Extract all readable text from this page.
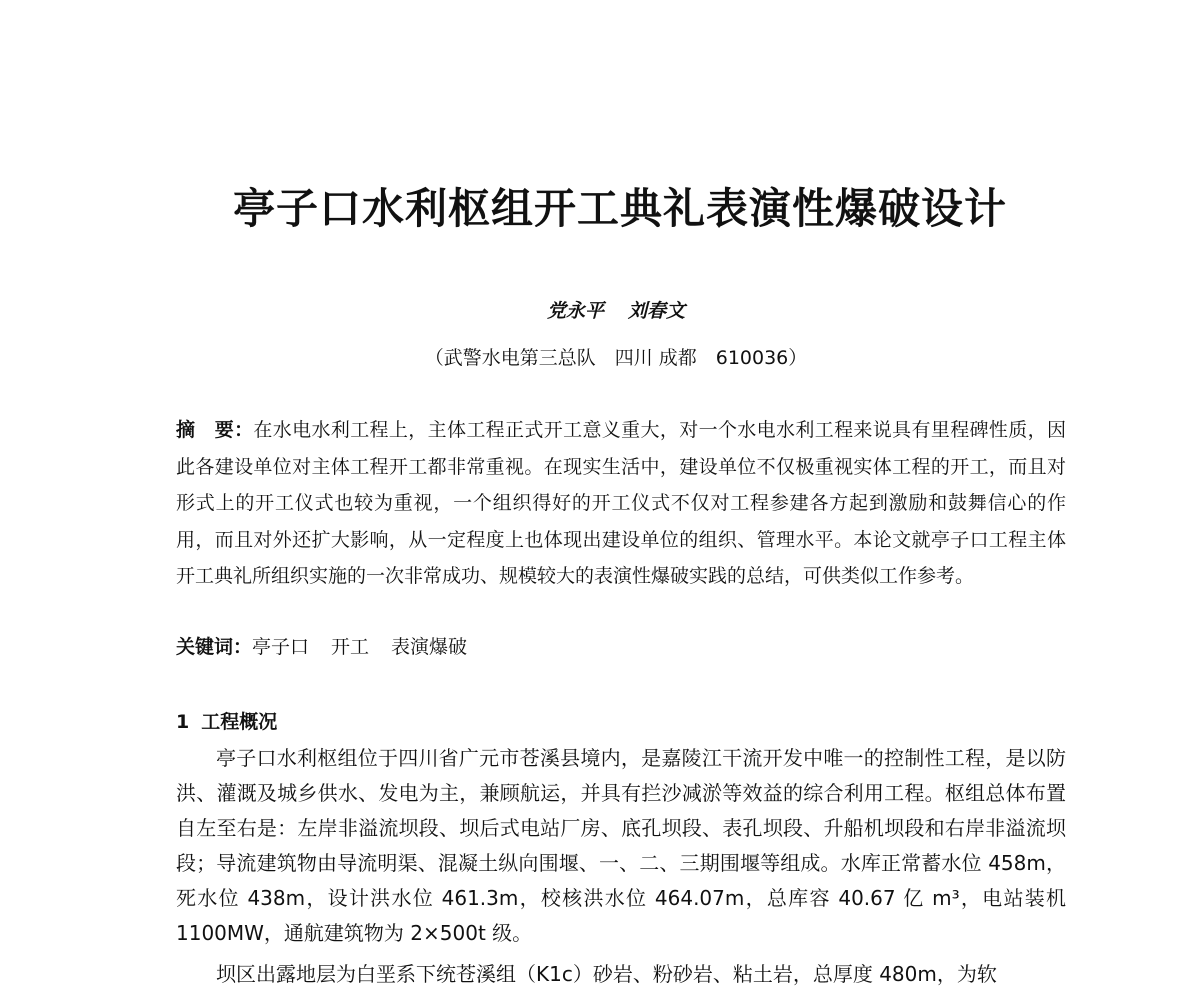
亭子口水利枢组开工典礼表演性爆破设计
党永平 刘春文
（武警水电第三总队　四川 成都　610036）

摘　要：在水电水利工程上，主体工程正式开工意义重大，对一个水电水利工程来说具有里程碑性质，因此各建设单位对主体工程开工都非常重视。在现实生活中，建设单位不仅极重视实体工程的开工，而且对形式上的开工仪式也较为重视，一个组织得好的开工仪式不仅对工程参建各方起到激励和鼓舞信心的作用，而且对外还扩大影响，从一定程度上也体现出建设单位的组织、管理水平。本论文就亭子口工程主体开工典礼所组织实施的一次非常成功、规模较大的表演性爆破实践的总结，可供类似工作参考。

关键词：亭子口 开工 表演爆破

1 工程概况

亭子口水利枢组位于四川省广元市苍溪县境内，是嘉陵江干流开发中唯一的控制性工程，是以防洪、灌溉及城乡供水、发电为主，兼顾航运，并具有拦沙减淤等效益的综合利用工程。枢组总体布置自左至右是：左岸非溢流坝段、坝后式电站厂房、底孔坝段、表孔坝段、升船机坝段和右岸非溢流坝段；导流建筑物由导流明渠、混凝土纵向围堰、一、二、三期围堰等组成。水库正常蓄水位 458m，死水位 438m，设计洪水位 461.3m，校核洪水位 464.07m，总库容 40.67 亿 m³，电站装机 1100MW，通航建筑物为 2×500t 级。

坝区出露地层为白垩系下统苍溪组（K1c）砂岩、粉砂岩、粘土岩，总厚度 480m，为软
